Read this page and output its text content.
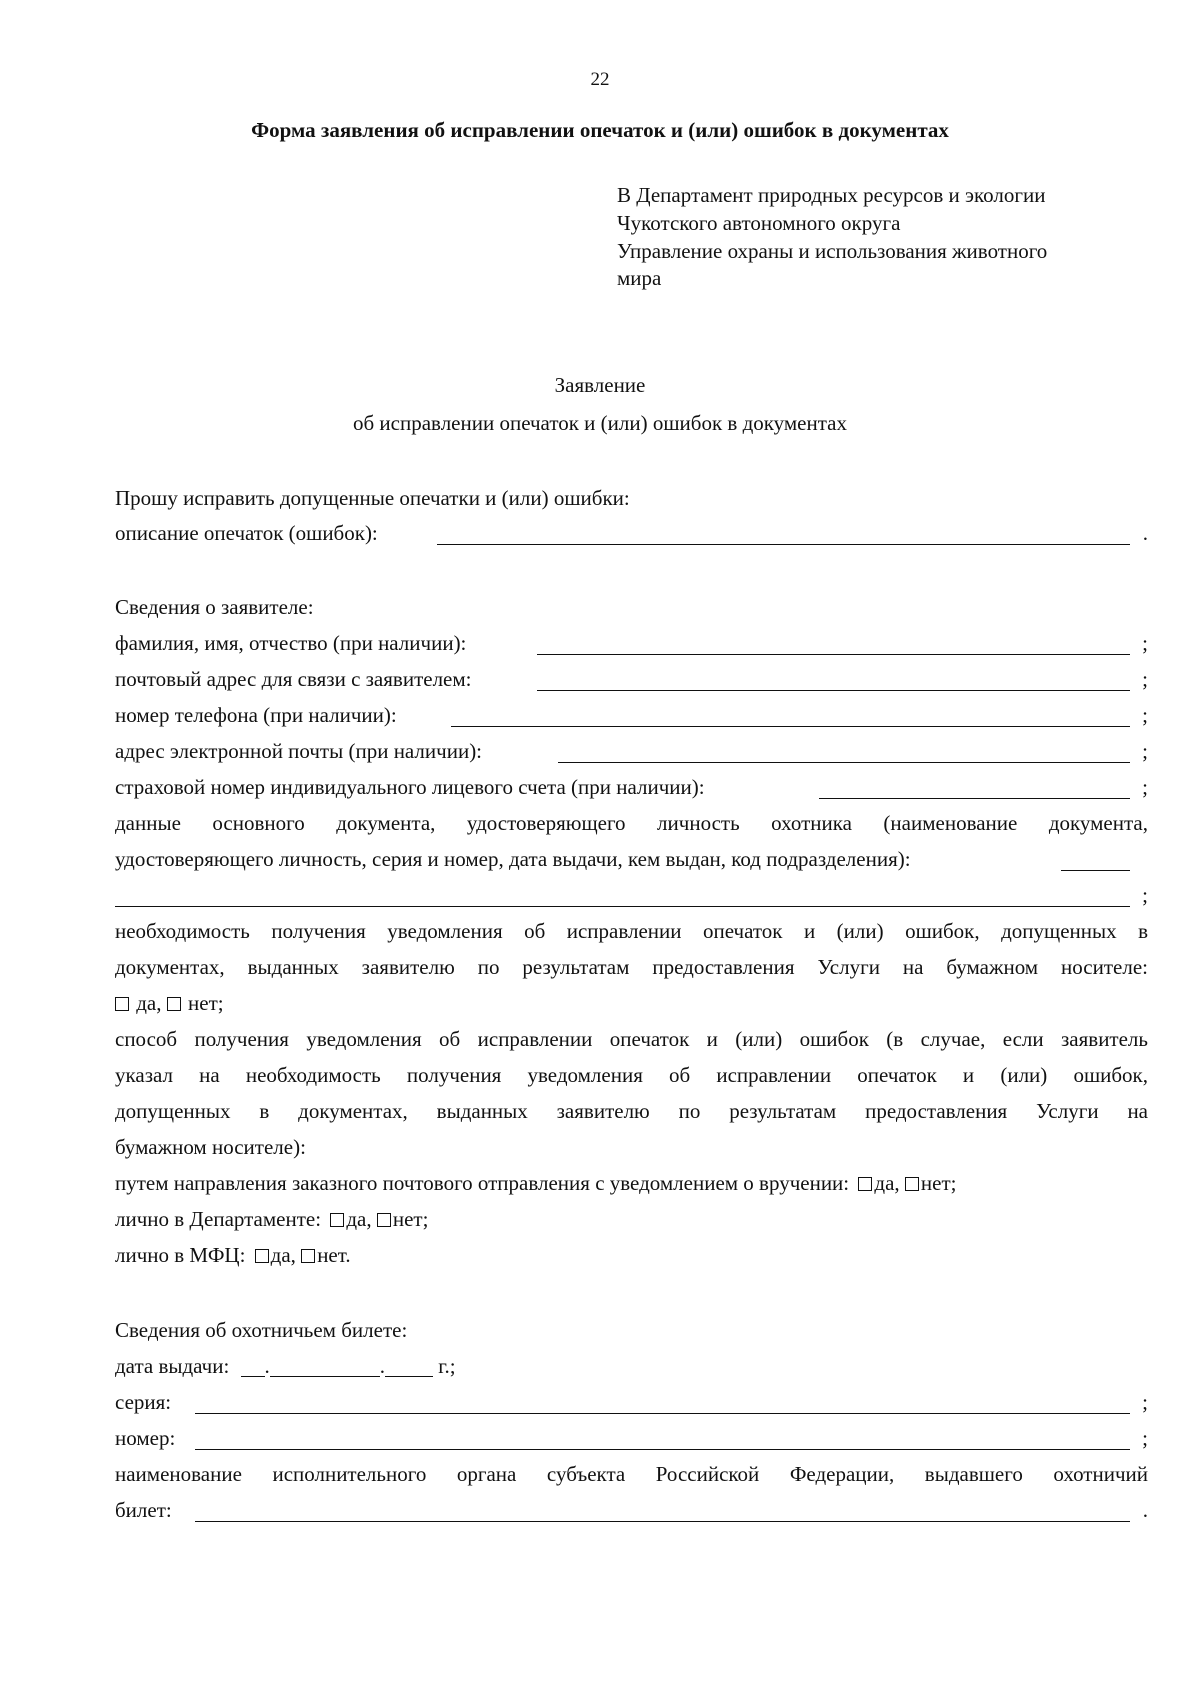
22
Форма заявления об исправлении опечаток и (или) ошибок в документах
В Департамент природных ресурсов и экологии
Чукотского автономного округа
Управление охраны и использования животного
мира
Заявление
об исправлении опечаток и (или) ошибок в документах
Прошу исправить допущенные опечатки и (или) ошибки:
описание опечаток (ошибок):	.
Сведения о заявителе:
фамилия, имя, отчество (при наличии):	;
почтовый адрес для связи с заявителем:	;
номер телефона (при наличии):	;
адрес электронной почты (при наличии):	;
страховой номер индивидуального лицевого счета (при наличии):	;
данные основного документа, удостоверяющего личность охотника (наименование документа,
удостоверяющего личность, серия и номер, дата выдачи, кем выдан, код подразделения):
;
необходимость получения уведомления об исправлении опечаток и (или) ошибок, допущенных в
документах, выданных заявителю по результатам предоставления Услуги на бумажном носителе:
да, нет;
способ получения уведомления об исправлении опечаток и (или) ошибок (в случае, если заявитель
указал на необходимость получения уведомления об исправлении опечаток и (или) ошибок,
допущенных в документах, выданных заявителю по результатам предоставления Услуги на
бумажном носителе):
путем направления заказного почтового отправления с уведомлением о вручении: да, нет;
лично в Департаменте: да, нет;
лично в МФЦ: да, нет.
Сведения об охотничьем билете:
дата выдачи: .	.	г.;
серия:	;
номер:	;
наименование исполнительного органа субъекта Российской Федерации, выдавшего охотничий
билет:	.
